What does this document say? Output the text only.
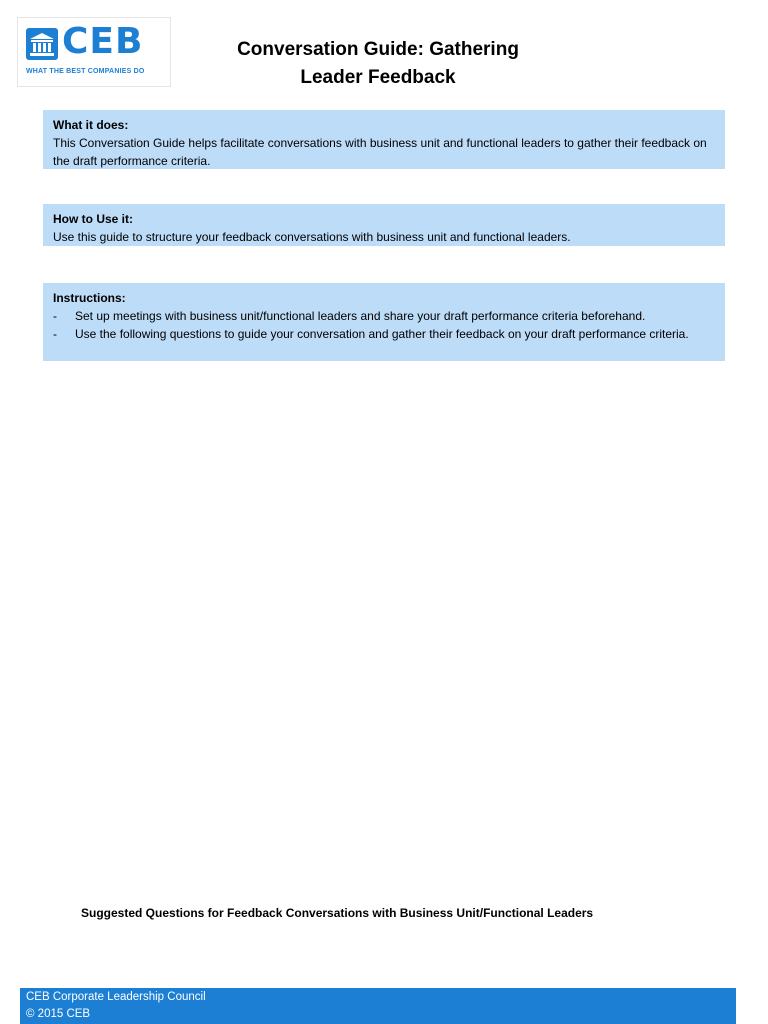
CEB
WHAT THE BEST COMPANIES DO
Conversation Guide: Gathering
Leader Feedback
What it does:

This Conversation Guide helps facilitate conversations with business unit and functional leaders to gather their feedback on the draft performance criteria.

How to Use it:

Use this guide to structure your feedback conversations with business unit and functional leaders.

Instructions:
- Set up meetings with business unit/functional leaders and share your draft performance criteria beforehand.
- Use the following questions to guide your conversation and gather their feedback on your draft performance criteria.
Suggested Questions for Feedback Conversations with Business Unit/Functional Leaders
CEB Corporate Leadership Council
© 2015 CEB
